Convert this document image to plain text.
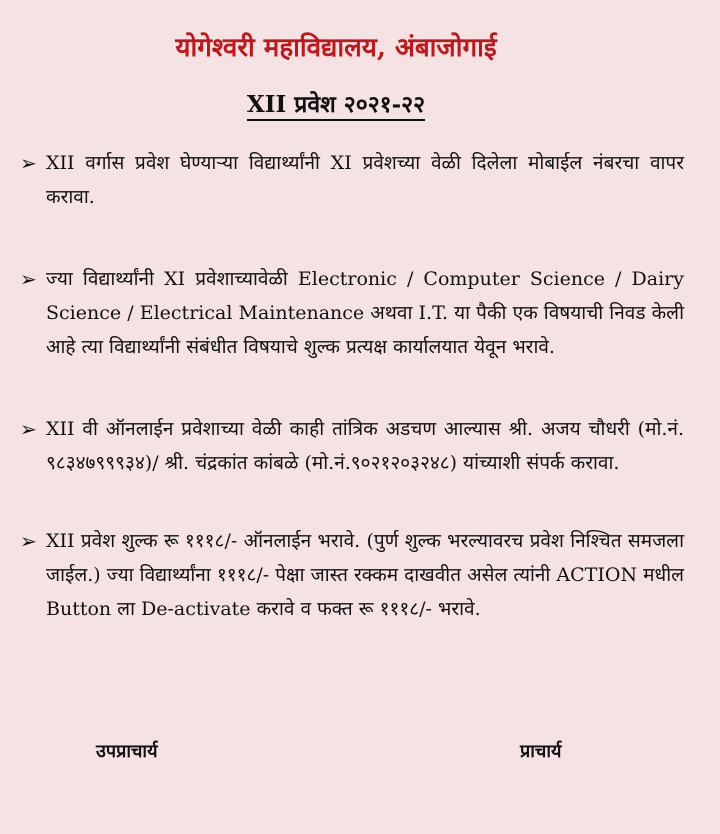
योगेश्वरी महाविद्यालय, अंबाजोगाई
XII प्रवेश २०२१-२२
➢ XII वर्गास प्रवेश घेण्याऱ्या विद्यार्थ्यांनी XI प्रवेशच्या वेळी दिलेला मोबाईल नंबरचा वापर करावा.
➢ ज्या विद्यार्थ्यांनी XI प्रवेशाच्यावेळी Electronic / Computer Science / Dairy Science / Electrical Maintenance अथवा I.T. या पैकी एक विषयाची निवड केली आहे त्या विद्यार्थ्यांनी संबंधीत विषयाचे शुल्क प्रत्यक्ष कार्यालयात येवून भरावे.
➢ XII वी ऑनलाईन प्रवेशाच्या वेळी काही तांत्रिक अडचण आल्यास श्री. अजय चौधरी (मो.नं. ९८३४७९९९३४)/ श्री. चंद्रकांत कांबळे (मो.नं.९०२१२०३२४८) यांच्याशी संपर्क करावा.
➢ XII प्रवेश शुल्क रू १११८/- ऑनलाईन भरावे. (पुर्ण शुल्क भरल्यावरच प्रवेश निश्चित समजला जाईल.) ज्या विद्यार्थ्यांना १११८/- पेक्षा जास्त रक्कम दाखवीत असेल त्यांनी ACTION मधील Button ला De-activate करावे व फक्त रू १११८/- भरावे.
उपप्राचार्य	प्राचार्य
